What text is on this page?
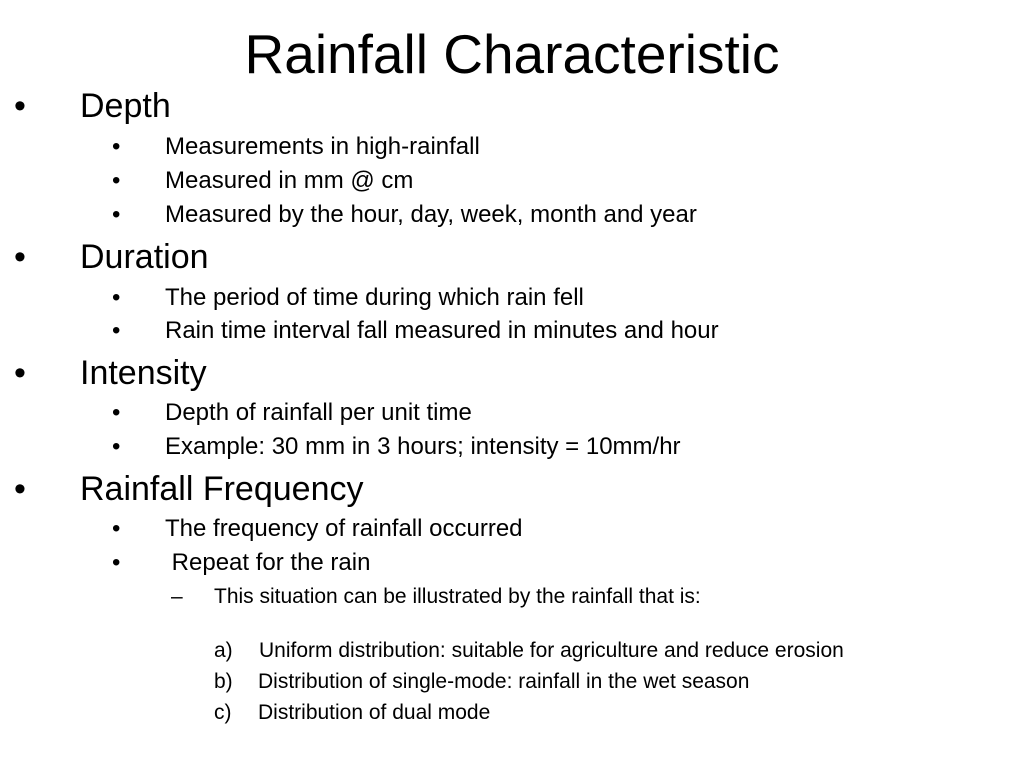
Rainfall Characteristic
• Depth
• Measurements in high-rainfall
• Measured in mm @ cm
• Measured by the hour, day, week, month and year
• Duration
• The period of time during which rain fell
• Rain time interval fall measured in minutes and hour
• Intensity
• Depth of rainfall per unit time
• Example: 30 mm in 3 hours; intensity = 10mm/hr
• Rainfall Frequency
• The frequency of rainfall occurred
• Repeat for the rain
– This situation can be illustrated by the rainfall that is:
a) Uniform distribution: suitable for agriculture and reduce erosion
b) Distribution of single-mode: rainfall in the wet season
c) Distribution of dual mode
